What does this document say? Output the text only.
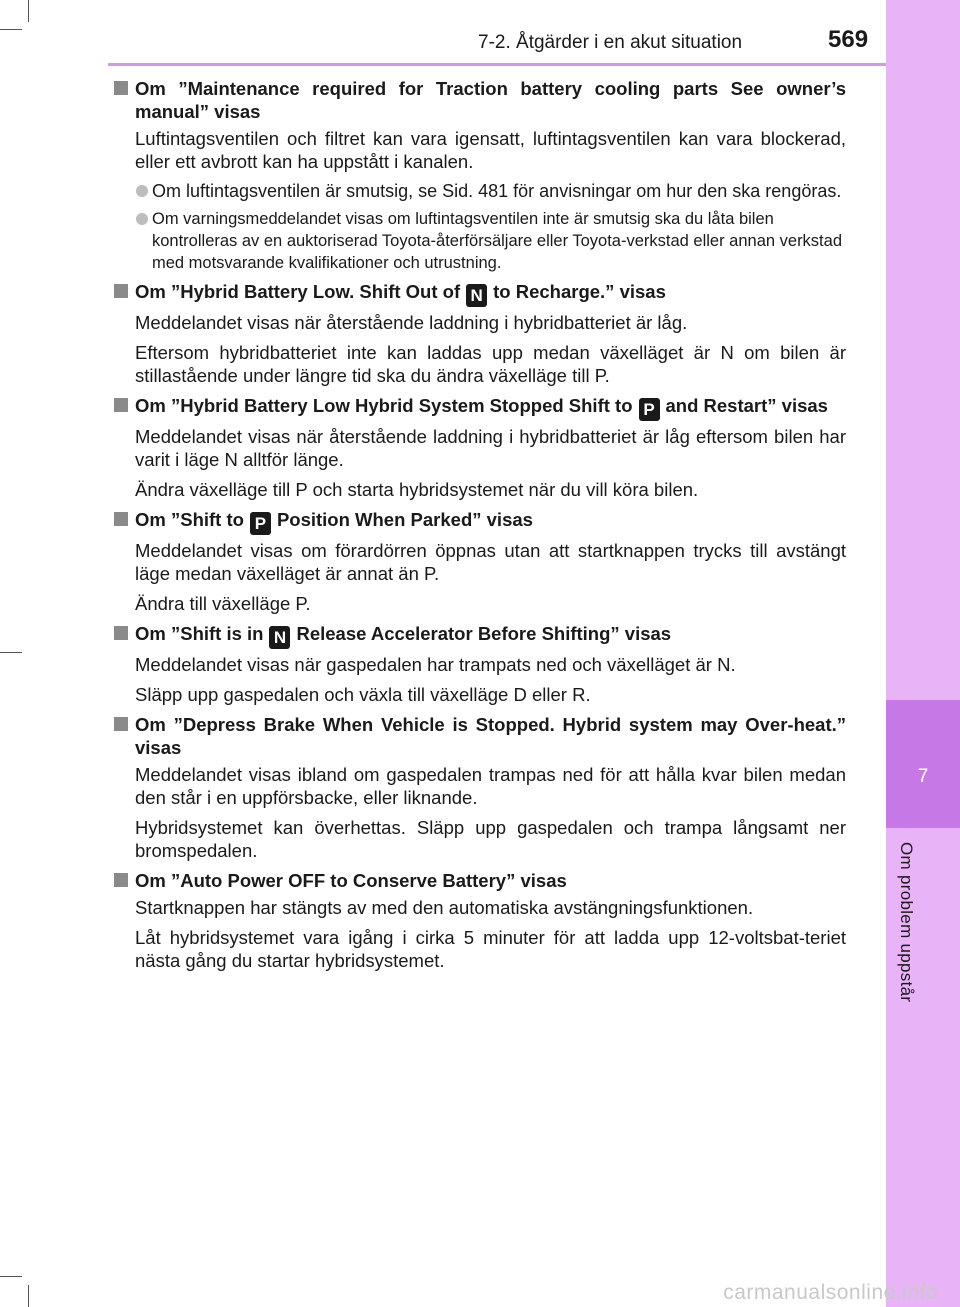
7-2. Åtgärder i en akut situation	569
7
Om problem uppstår
Om ”Maintenance required for Traction battery cooling parts See owner’s manual” visas
Luftintagsventilen och filtret kan vara igensatt, luftintagsventilen kan vara blockerad, eller ett avbrott kan ha uppstått i kanalen.
Om luftintagsventilen är smutsig, se Sid. 481 för anvisningar om hur den ska rengöras.
Om varningsmeddelandet visas om luftintagsventilen inte är smutsig ska du låta bilen kontrolleras av en auktoriserad Toyota-återförsäljare eller Toyota-verkstad eller annan verkstad med motsvarande kvalifikationer och utrustning.
Om ”Hybrid Battery Low. Shift Out of N to Recharge.” visas
Meddelandet visas när återstående laddning i hybridbatteriet är låg.
Eftersom hybridbatteriet inte kan laddas upp medan växelläget är N om bilen är stillastående under längre tid ska du ändra växelläge till P.
Om ”Hybrid Battery Low Hybrid System Stopped Shift to P and Restart” visas
Meddelandet visas när återstående laddning i hybridbatteriet är låg eftersom bilen har varit i läge N alltför länge.
Ändra växelläge till P och starta hybridsystemet när du vill köra bilen.
Om ”Shift to P Position When Parked” visas
Meddelandet visas om förardörren öppnas utan att startknappen trycks till avstängt läge medan växelläget är annat än P.
Ändra till växelläge P.
Om ”Shift is in N Release Accelerator Before Shifting” visas
Meddelandet visas när gaspedalen har trampats ned och växelläget är N.
Släpp upp gaspedalen och växla till växelläge D eller R.
Om ”Depress Brake When Vehicle is Stopped. Hybrid system may Over-heat.” visas
Meddelandet visas ibland om gaspedalen trampas ned för att hålla kvar bilen medan den står i en uppförsbacke, eller liknande.
Hybridsystemet kan överhettas. Släpp upp gaspedalen och trampa långsamt ner bromspedalen.
Om ”Auto Power OFF to Conserve Battery” visas
Startknappen har stängts av med den automatiska avstängningsfunktionen.
Låt hybridsystemet vara igång i cirka 5 minuter för att ladda upp 12-voltsbat-teriet nästa gång du startar hybridsystemet.
carmanualsonline.info
